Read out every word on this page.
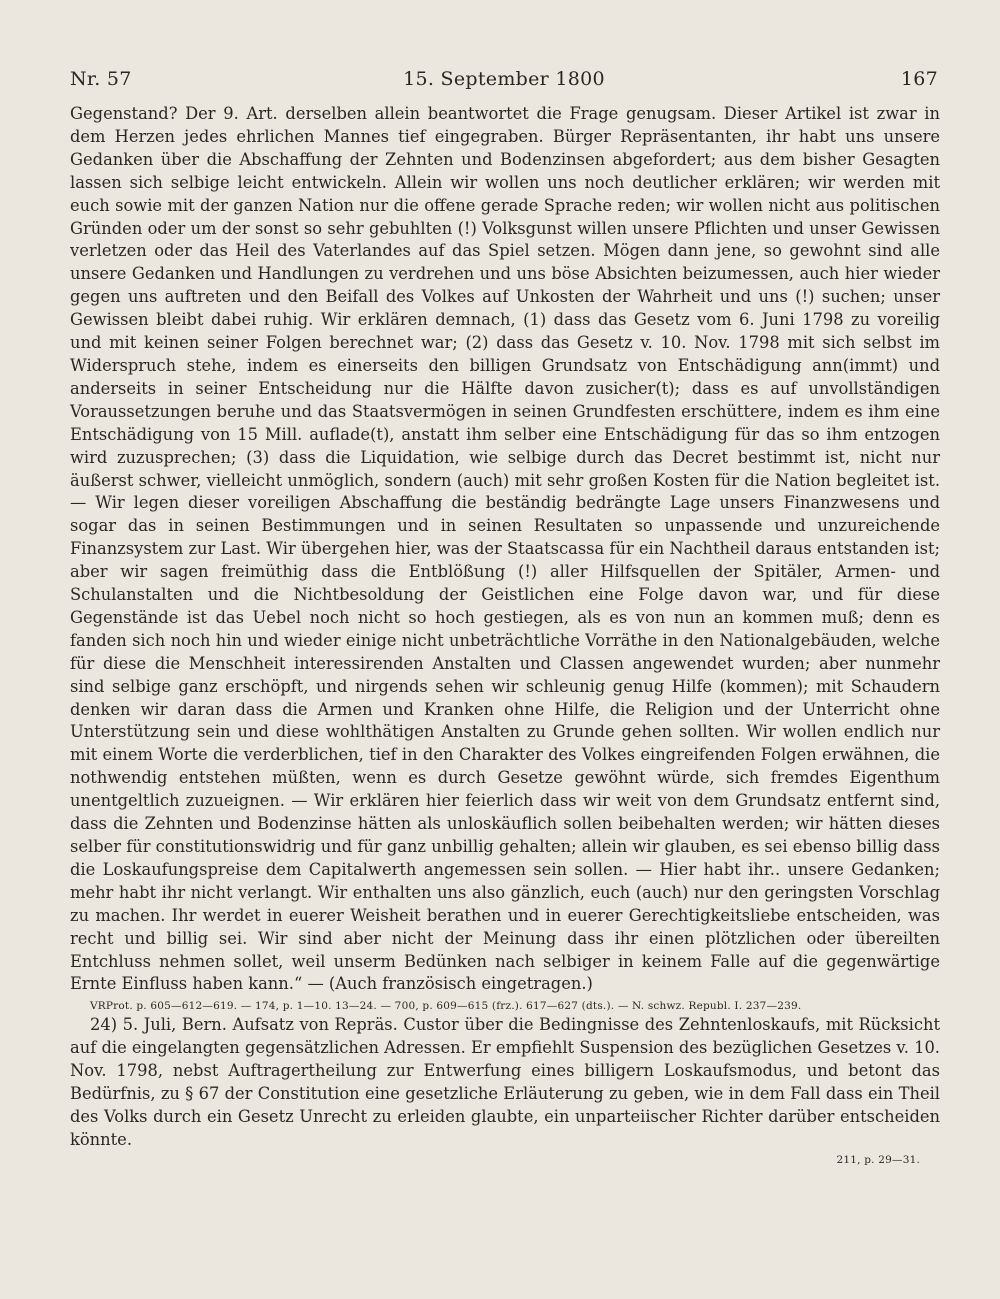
Nr. 57	15. September 1800	167

Gegenstand? Der 9. Art. derselben allein beantwortet die Frage genugsam. Dieser Artikel ist zwar in dem Herzen jedes ehrlichen Mannes tief eingegraben. Bürger Repräsentanten, ihr habt uns unsere Gedanken über die Abschaffung der Zehnten und Bodenzinsen abgefordert; aus dem bisher Gesagten lassen sich selbige leicht entwickeln. Allein wir wollen uns noch deutlicher erklären; wir werden mit euch sowie mit der ganzen Nation nur die offene gerade Sprache reden; wir wollen nicht aus politischen Gründen oder um der sonst so sehr gebuhlten (!) Volksgunst willen unsere Pflichten und unser Gewissen verletzen oder das Heil des Vaterlandes auf das Spiel setzen. Mögen dann jene, so gewohnt sind alle unsere Gedanken und Handlungen zu verdrehen und uns böse Absichten beizumessen, auch hier wieder gegen uns auftreten und den Beifall des Volkes auf Unkosten der Wahrheit und uns (!) suchen; unser Gewissen bleibt dabei ruhig. Wir erklären demnach, (1) dass das Gesetz vom 6. Juni 1798 zu voreilig und mit keinen seiner Folgen berechnet war; (2) dass das Gesetz v. 10. Nov. 1798 mit sich selbst im Widerspruch stehe, indem es einerseits den billigen Grundsatz von Entschädigung ann(immt) und anderseits in seiner Entscheidung nur die Hälfte davon zusicher(t); dass es auf unvollständigen Voraussetzungen beruhe und das Staatsvermögen in seinen Grundfesten erschüttere, indem es ihm eine Entschädigung von 15 Mill. auflade(t), anstatt ihm selber eine Entschädigung für das so ihm entzogen wird zuzusprechen; (3) dass die Liquidation, wie selbige durch das Decret bestimmt ist, nicht nur äußerst schwer, vielleicht unmöglich, sondern (auch) mit sehr großen Kosten für die Nation begleitet ist. — Wir legen dieser voreiligen Abschaffung die beständig bedrängte Lage unsers Finanzwesens und sogar das in seinen Bestimmungen und in seinen Resultaten so unpassende und unzureichende Finanzsystem zur Last. Wir übergehen hier, was der Staatscassa für ein Nachtheil daraus entstanden ist; aber wir sagen freimüthig dass die Entblößung (!) aller Hilfsquellen der Spitäler, Armen- und Schulanstalten und die Nichtbesoldung der Geistlichen eine Folge davon war, und für diese Gegenstände ist das Uebel noch nicht so hoch gestiegen, als es von nun an kommen muß; denn es fanden sich noch hin und wieder einige nicht unbeträchtliche Vorräthe in den Nationalgebäuden, welche für diese die Menschheit interessirenden Anstalten und Classen angewendet wurden; aber nunmehr sind selbige ganz erschöpft, und nirgends sehen wir schleunig genug Hilfe (kommen); mit Schaudern denken wir daran dass die Armen und Kranken ohne Hilfe, die Religion und der Unterricht ohne Unterstützung sein und diese wohlthätigen Anstalten zu Grunde gehen sollten. Wir wollen endlich nur mit einem Worte die verderblichen, tief in den Charakter des Volkes eingreifenden Folgen erwähnen, die nothwendig entstehen müßten, wenn es durch Gesetze gewöhnt würde, sich fremdes Eigenthum unentgeltlich zuzueignen. — Wir erklären hier feierlich dass wir weit von dem Grundsatz entfernt sind, dass die Zehnten und Bodenzinse hätten als unloskäuflich sollen beibehalten werden; wir hätten dieses selber für constitutionswidrig und für ganz unbillig gehalten; allein wir glauben, es sei ebenso billig dass die Loskaufungspreise dem Capitalwerth angemessen sein sollen. — Hier habt ihr.. unsere Gedanken; mehr habt ihr nicht verlangt. Wir enthalten uns also gänzlich, euch (auch) nur den geringsten Vorschlag zu machen. Ihr werdet in euerer Weisheit berathen und in euerer Gerechtigkeitsliebe entscheiden, was recht und billig sei. Wir sind aber nicht der Meinung dass ihr einen plötzlichen oder übereilten Entchluss nehmen sollet, weil unserm Bedünken nach selbiger in keinem Falle auf die gegenwärtige Ernte Einfluss haben kann.“ — (Auch französisch eingetragen.)

VRProt. p. 605—612—619. — 174, p. 1—10. 13—24. — 700, p. 609—615 (frz.). 617—627 (dts.). — N. schwz. Republ. I. 237—239.

24) 5. Juli, Bern. Aufsatz von Repräs. Custor über die Bedingnisse des Zehntenloskaufs, mit Rücksicht auf die eingelangten gegensätzlichen Adressen. Er empfiehlt Suspension des bezüglichen Gesetzes v. 10. Nov. 1798, nebst Auftragertheilung zur Entwerfung eines billigern Loskaufsmodus, und betont das Bedürfnis, zu § 67 der Constitution eine gesetzliche Erläuterung zu geben, wie in dem Fall dass ein Theil des Volks durch ein Gesetz Unrecht zu erleiden glaubte, ein unparteiischer Richter darüber entscheiden könnte.

211, p. 29—31.
